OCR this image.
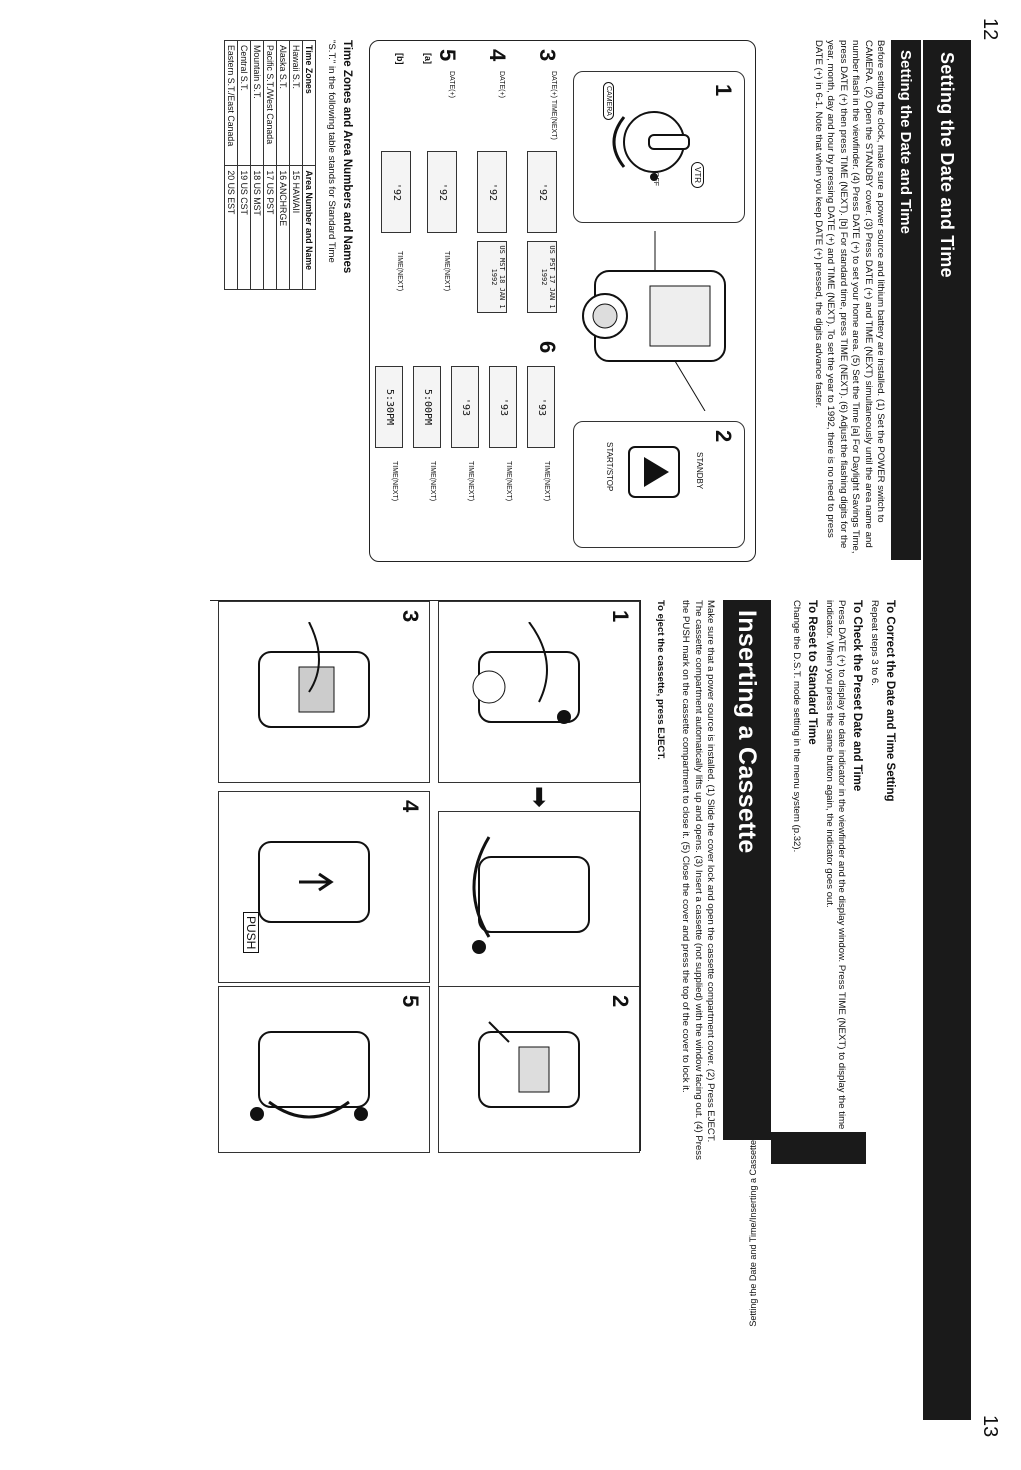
12
Setting the Date and Time
Setting the Date and Time
Before setting the clock, make sure a power source and lithium battery are installed. (1) Set the POWER switch to CAMERA. (2) Open the STANDBY cover. (3) Press DATE (+) and TIME (NEXT) simultaneously until the area name and number flash in the viewfinder. (4) Press DATE (+) to set your home area. (5) Set the Time [a] For Daylight Savings Time, press DATE (+) then press TIME (NEXT). [b] For standard time, press TIME (NEXT). (6) Adjust the flashing digits for the year, month, day and hour by pressing DATE (+) and TIME (NEXT). To set the year to 1992, there is no need to press DATE (+) in 6-1. Note that when you keep DATE (+) pressed, the digits advance faster.
1
VTR
OFF
CAMERA
2
STANDBY
START/STOP
3
DATE(+) TIME(NEXT)
'92
US PST 17 JAN 1 1992
4
DATE(+)
'92
US MST 18 JAN 1 1992
5
[a]
DATE(+)
'92
TIME(NEXT)
[b]
'92
TIME(NEXT)
6
'93
'93
'93
5:00PM
5:30PM
TIME(NEXT)
TIME(NEXT)
TIME(NEXT)
TIME(NEXT)
TIME(NEXT)
Time Zones and Area Numbers and Names
"S.T." in the following table stands for Standard Time
Time Zones	Area Number and Name
Hawaii S.T.	15 HAWAII
Alaska S.T.	16 ANCHRGE
Pacific S.T./West Canada	17 US PST
Mountain S.T.	18 US MST
Central S.T.	19 US CST
Eastern S.T./East Canada	20 US EST
To Correct the Date and Time Setting
Repeat steps 3 to 6.
To Check the Preset Date and Time
Press DATE (+) to display the date indicator in the viewfinder and the display window. Press TIME (NEXT) to display the time indicator. When you press the same button again, the indicator goes out.
To Reset to Standard Time
Change the D.S.T. mode setting in the menu system (p.32).
Inserting a Cassette
Make sure that a power source is installed. (1) Slide the cover lock and open the cassette compartment cover. (2) Press EJECT. The cassette compartment automatically lifts up and opens. (3) Insert a cassette (not supplied) with the window facing out. (4) Press the PUSH mark on the cassette compartment to close it. (5) Close the cover and press the top of the cover to lock it.
To eject the cassette, press EJECT.
1
➡
2
3
4
PUSH
5
Setting the Date and Time/Inserting a Cassette
13
